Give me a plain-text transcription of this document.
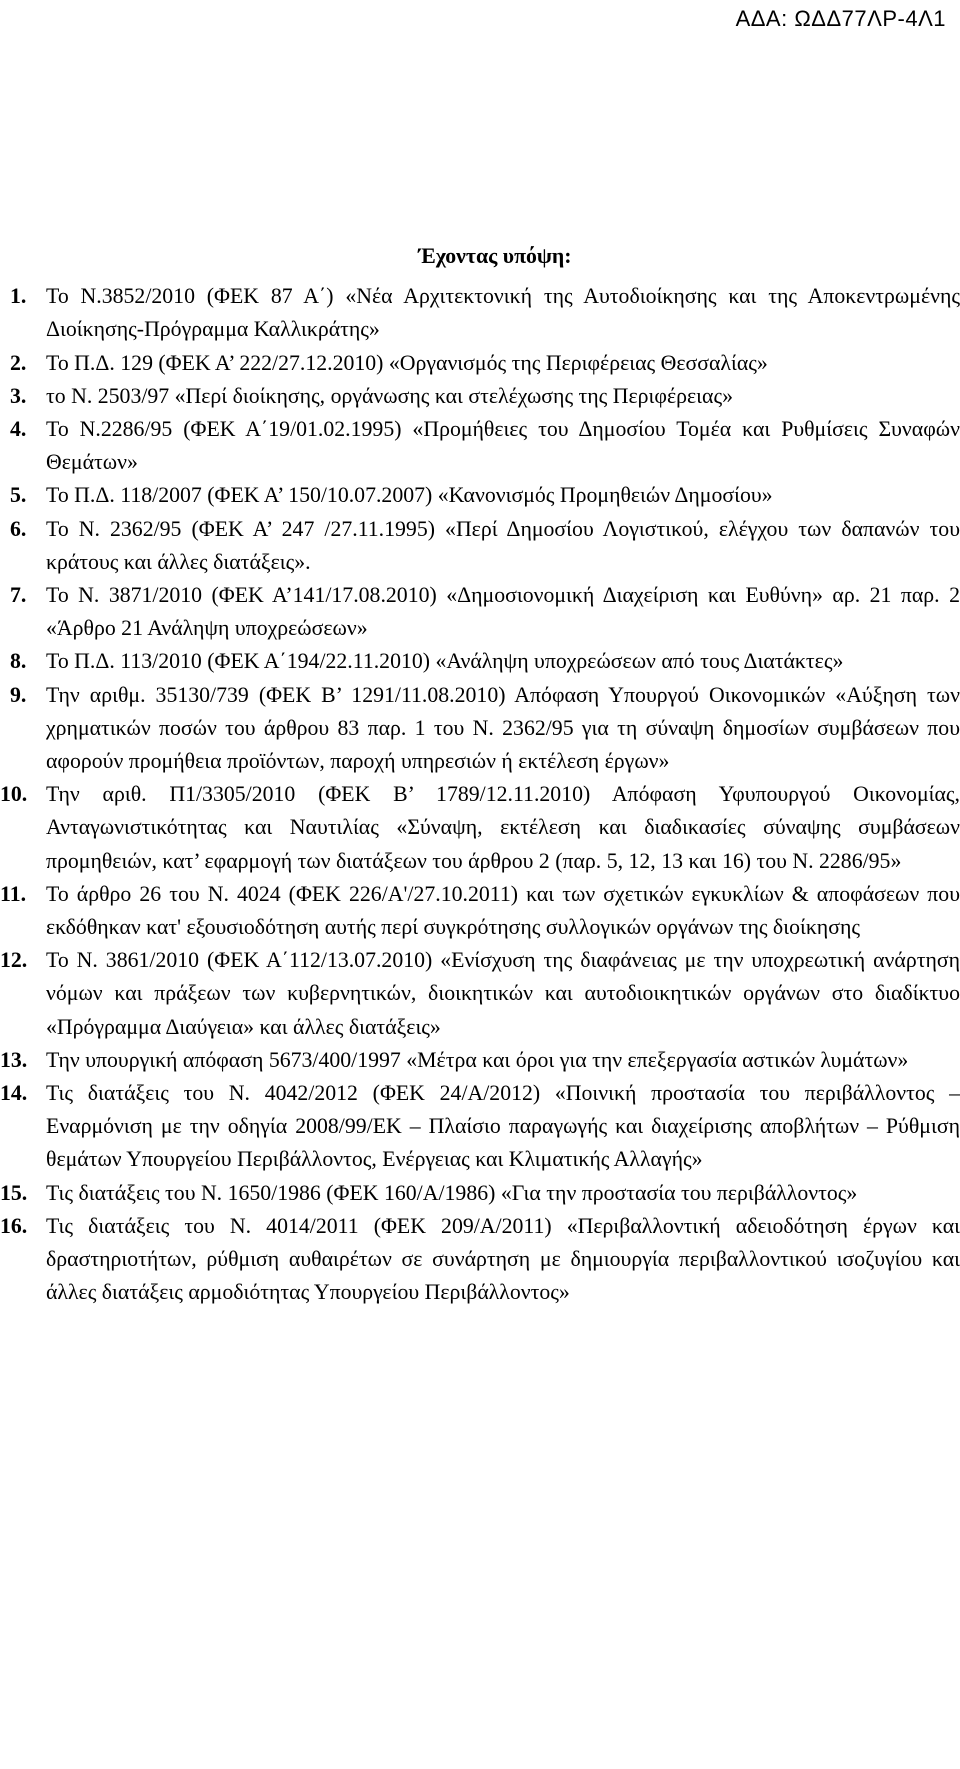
ΑΔΑ: ΩΔΔ77ΛΡ-4Λ1
Έχοντας υπόψη:
1. Το Ν.3852/2010 (ΦΕΚ 87 Α΄) «Νέα Αρχιτεκτονική της Αυτοδιοίκησης και της Αποκεντρωμένης Διοίκησης-Πρόγραμμα Καλλικράτης»
2. Το Π.Δ. 129 (ΦΕΚ Α’ 222/27.12.2010) «Οργανισμός της Περιφέρειας Θεσσαλίας»
3. το Ν. 2503/97 «Περί διοίκησης, οργάνωσης και στελέχωσης της Περιφέρειας»
4. Το Ν.2286/95 (ΦΕΚ Α΄19/01.02.1995) «Προμήθειες του Δημοσίου Τομέα και Ρυθμίσεις Συναφών Θεμάτων»
5. Το Π.Δ. 118/2007 (ΦΕΚ Α’ 150/10.07.2007) «Κανονισμός Προμηθειών Δημοσίου»
6. Το Ν. 2362/95 (ΦΕΚ Α’ 247 /27.11.1995) «Περί Δημοσίου Λογιστικού, ελέγχου των δαπανών του κράτους και άλλες διατάξεις».
7. Το Ν. 3871/2010 (ΦΕΚ Α’141/17.08.2010) «Δημοσιονομική Διαχείριση και Ευθύνη» αρ. 21 παρ. 2 «Άρθρο 21 Ανάληψη υποχρεώσεων»
8. Το Π.Δ. 113/2010 (ΦΕΚ Α΄194/22.11.2010) «Ανάληψη υποχρεώσεων από τους Διατάκτες»
9. Την αριθμ. 35130/739 (ΦΕΚ Β’ 1291/11.08.2010) Απόφαση Υπουργού Οικονομικών «Αύξηση των χρηματικών ποσών του άρθρου 83 παρ. 1 του Ν. 2362/95 για τη σύναψη δημοσίων συμβάσεων που αφορούν προμήθεια προϊόντων, παροχή υπηρεσιών ή εκτέλεση έργων»
10. Την αριθ. Π1/3305/2010 (ΦΕΚ Β’ 1789/12.11.2010) Απόφαση Υφυπουργού Οικονομίας, Ανταγωνιστικότητας και Ναυτιλίας «Σύναψη, εκτέλεση και διαδικασίες σύναψης συμβάσεων προμηθειών, κατ’ εφαρμογή των διατάξεων του άρθρου 2 (παρ. 5, 12, 13 και 16) του Ν. 2286/95»
11. Το άρθρο 26 του Ν. 4024 (ΦΕΚ 226/Α'/27.10.2011) και των σχετικών εγκυκλίων & αποφάσεων που εκδόθηκαν κατ' εξουσιοδότηση αυτής περί συγκρότησης συλλογικών οργάνων της διοίκησης
12. Το Ν. 3861/2010 (ΦΕΚ Α΄112/13.07.2010) «Ενίσχυση της διαφάνειας με την υποχρεωτική ανάρτηση νόμων και πράξεων των κυβερνητικών, διοικητικών και αυτοδιοικητικών οργάνων στο διαδίκτυο «Πρόγραμμα Διαύγεια» και άλλες διατάξεις»
13. Την υπουργική απόφαση 5673/400/1997 «Μέτρα και όροι για την επεξεργασία αστικών λυμάτων»
14. Τις διατάξεις του Ν. 4042/2012 (ΦΕΚ 24/Α/2012) «Ποινική προστασία του περιβάλλοντος – Εναρμόνιση με την οδηγία 2008/99/ΕΚ – Πλαίσιο παραγωγής και διαχείρισης αποβλήτων – Ρύθμιση θεμάτων Υπουργείου Περιβάλλοντος, Ενέργειας και Κλιματικής Αλλαγής»
15. Τις διατάξεις του Ν. 1650/1986 (ΦΕΚ 160/Α/1986) «Για την προστασία του περιβάλλοντος»
16. Τις διατάξεις του Ν. 4014/2011 (ΦΕΚ 209/Α/2011) «Περιβαλλοντική αδειοδότηση έργων και δραστηριοτήτων, ρύθμιση αυθαιρέτων σε συνάρτηση με δημιουργία περιβαλλοντικού ισοζυγίου και άλλες διατάξεις αρμοδιότητας Υπουργείου Περιβάλλοντος»
